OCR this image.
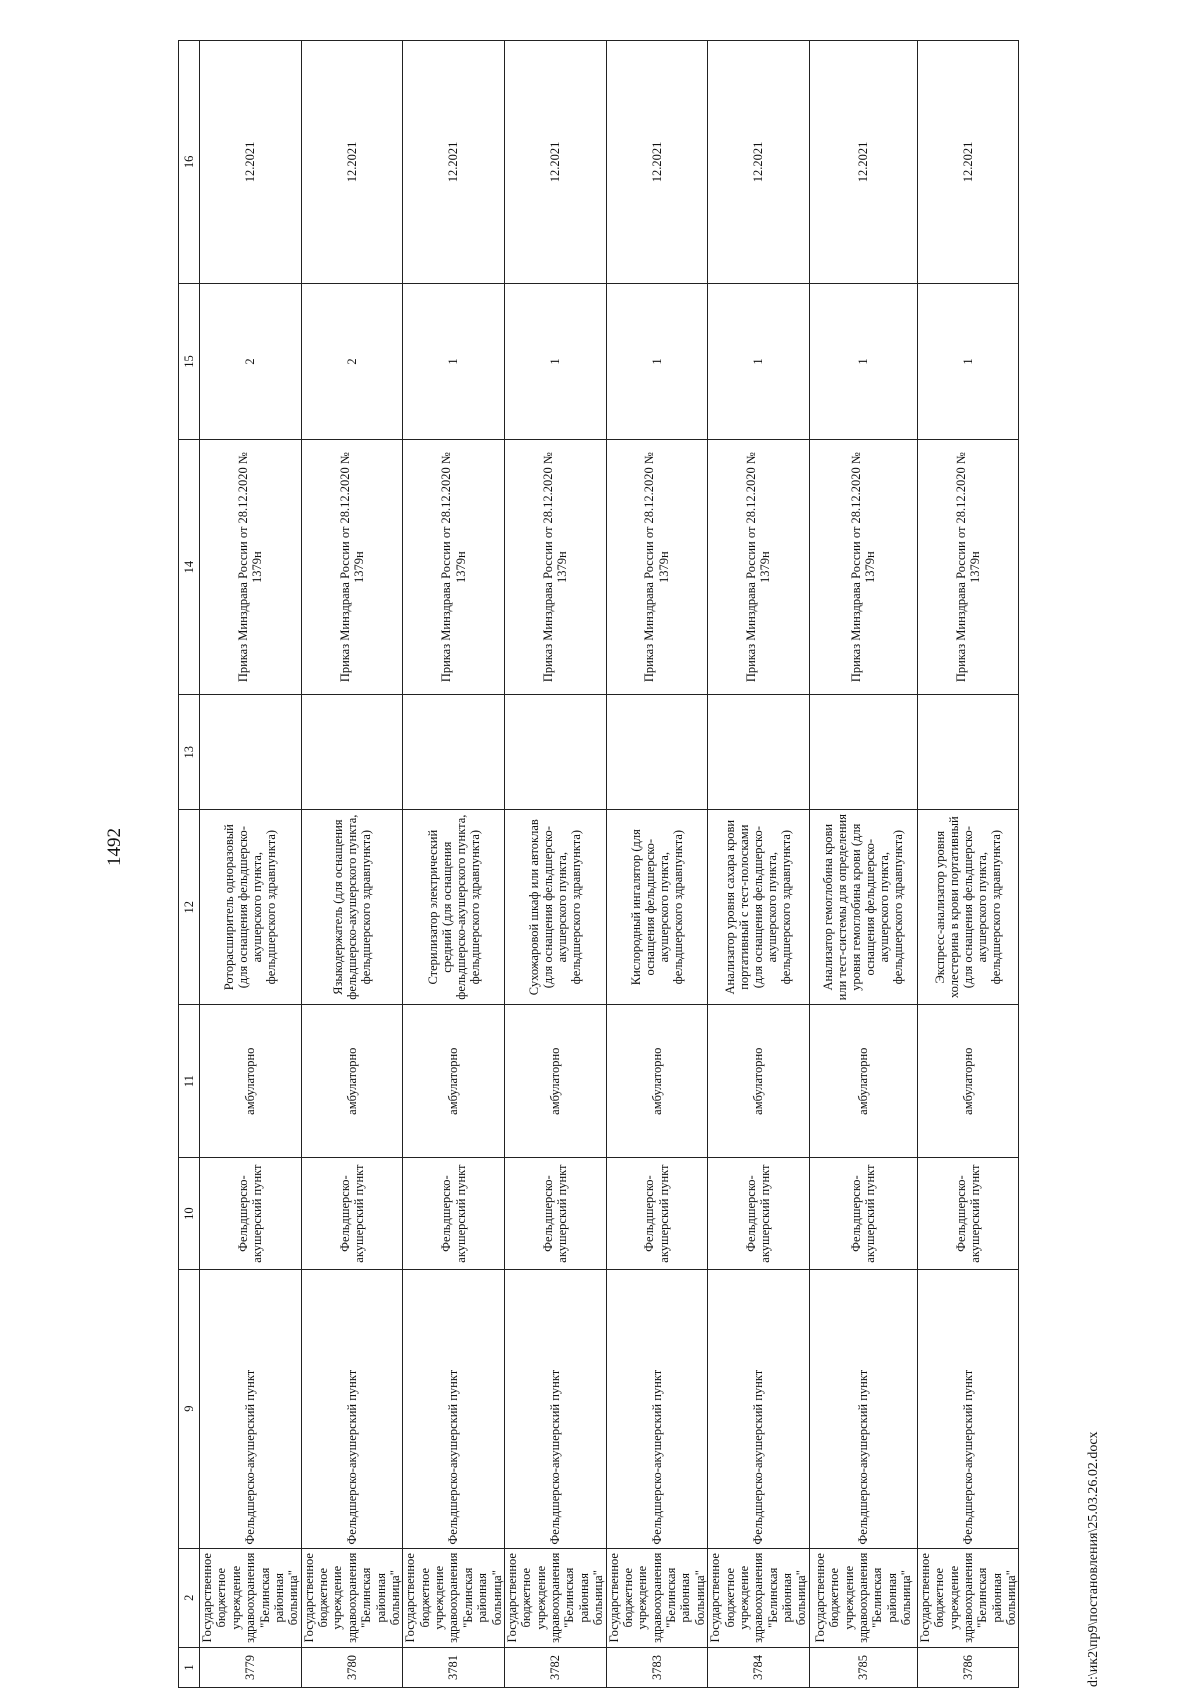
1492
1	2	9	10	11	12	13	14	15	16
3779	Государственное бюджетное учреждение здравоохранения "Белинская районная больница"	Фельдшерско-акушерский пункт	Фельдшерско-акушерский пункт	амбулаторно	Роторасширитель одноразовый (для оснащения фельдшерско-акушерского пункта, фельдшерского здравпункта)		Приказ Минздрава России от 28.12.2020 № 1379н	2	12.2021
3780	Государственное бюджетное учреждение здравоохранения "Белинская районная больница"	Фельдшерско-акушерский пункт	Фельдшерско-акушерский пункт	амбулаторно	Языкодержатель (для оснащения фельдшерско-акушерского пункта, фельдшерского здравпункта)		Приказ Минздрава России от 28.12.2020 № 1379н	2	12.2021
3781	Государственное бюджетное учреждение здравоохранения "Белинская районная больница"	Фельдшерско-акушерский пункт	Фельдшерско-акушерский пункт	амбулаторно	Стерилизатор электрический средний (для оснащения фельдшерско-акушерского пункта, фельдшерского здравпункта)		Приказ Минздрава России от 28.12.2020 № 1379н	1	12.2021
3782	Государственное бюджетное учреждение здравоохранения "Белинская районная больница"	Фельдшерско-акушерский пункт	Фельдшерско-акушерский пункт	амбулаторно	Сухожаровой шкаф или автоклав (для оснащения фельдшерско-акушерского пункта, фельдшерского здравпункта)		Приказ Минздрава России от 28.12.2020 № 1379н	1	12.2021
3783	Государственное бюджетное учреждение здравоохранения "Белинская районная больница"	Фельдшерско-акушерский пункт	Фельдшерско-акушерский пункт	амбулаторно	Кислородный ингалятор (для оснащения фельдшерско-акушерского пункта, фельдшерского здравпункта)		Приказ Минздрава России от 28.12.2020 № 1379н	1	12.2021
3784	Государственное бюджетное учреждение здравоохранения "Белинская районная больница"	Фельдшерско-акушерский пункт	Фельдшерско-акушерский пункт	амбулаторно	Анализатор уровня сахара крови портативный с тест-полосками (для оснащения фельдшерско-акушерского пункта, фельдшерского здравпункта)		Приказ Минздрава России от 28.12.2020 № 1379н	1	12.2021
3785	Государственное бюджетное учреждение здравоохранения "Белинская районная больница"	Фельдшерско-акушерский пункт	Фельдшерско-акушерский пункт	амбулаторно	Анализатор гемоглобина крови или тест-системы для определения уровня гемоглобина крови (для оснащения фельдшерско-акушерского пункта, фельдшерского здравпункта)		Приказ Минздрава России от 28.12.2020 № 1379н	1	12.2021
3786	Государственное бюджетное учреждение здравоохранения "Белинская районная больница"	Фельдшерско-акушерский пункт	Фельдшерско-акушерский пункт	амбулаторно	Экспресс-анализатор уровня холестерина в крови портативный (для оснащения фельдшерско-акушерского пункта, фельдшерского здравпункта)		Приказ Минздрава России от 28.12.2020 № 1379н	1	12.2021
d:\ик2\пр9\постановления\25.03.26.02.docx
